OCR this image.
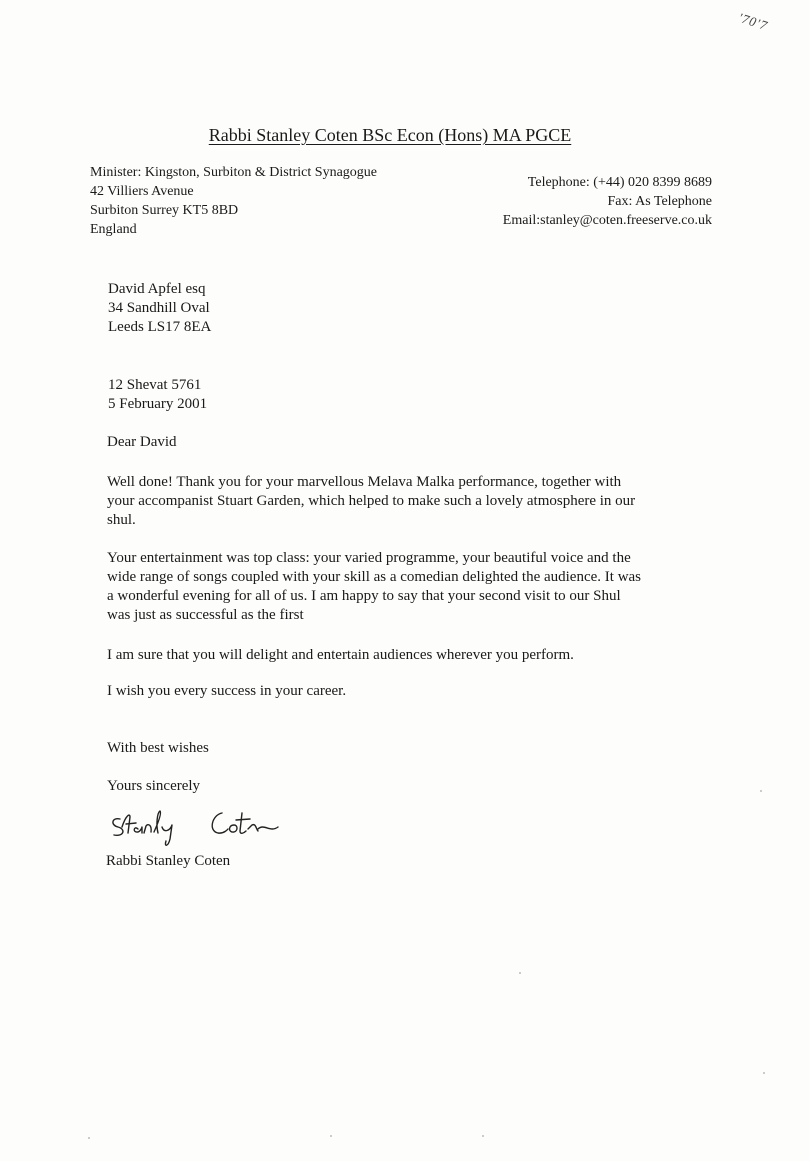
ʹ70'7
Rabbi Stanley Coten BSc Econ (Hons) MA PGCE
Minister: Kingston, Surbiton & District Synagogue
42 Villiers Avenue
Surbiton Surrey KT5 8BD
England
Telephone: (+44) 020 8399 8689
Fax: As Telephone
Email:stanley@coten.freeserve.co.uk
David Apfel esq
34 Sandhill Oval
Leeds LS17 8EA
12 Shevat 5761
5 February 2001

Dear David

Well done! Thank you for your marvellous Melava Malka performance, together with
your accompanist Stuart Garden, which helped to make such a lovely atmosphere in our
shul.

Your entertainment was top class: your varied programme, your beautiful voice and the
wide range of songs coupled with your skill as a comedian delighted the audience. It was
a wonderful evening for all of us. I am happy to say that your second visit to our Shul
was just as successful as the first

I am sure that you will delight and entertain audiences wherever you perform.

I wish you every success in your career.

With best wishes

Yours sincerely

Rabbi Stanley Coten
